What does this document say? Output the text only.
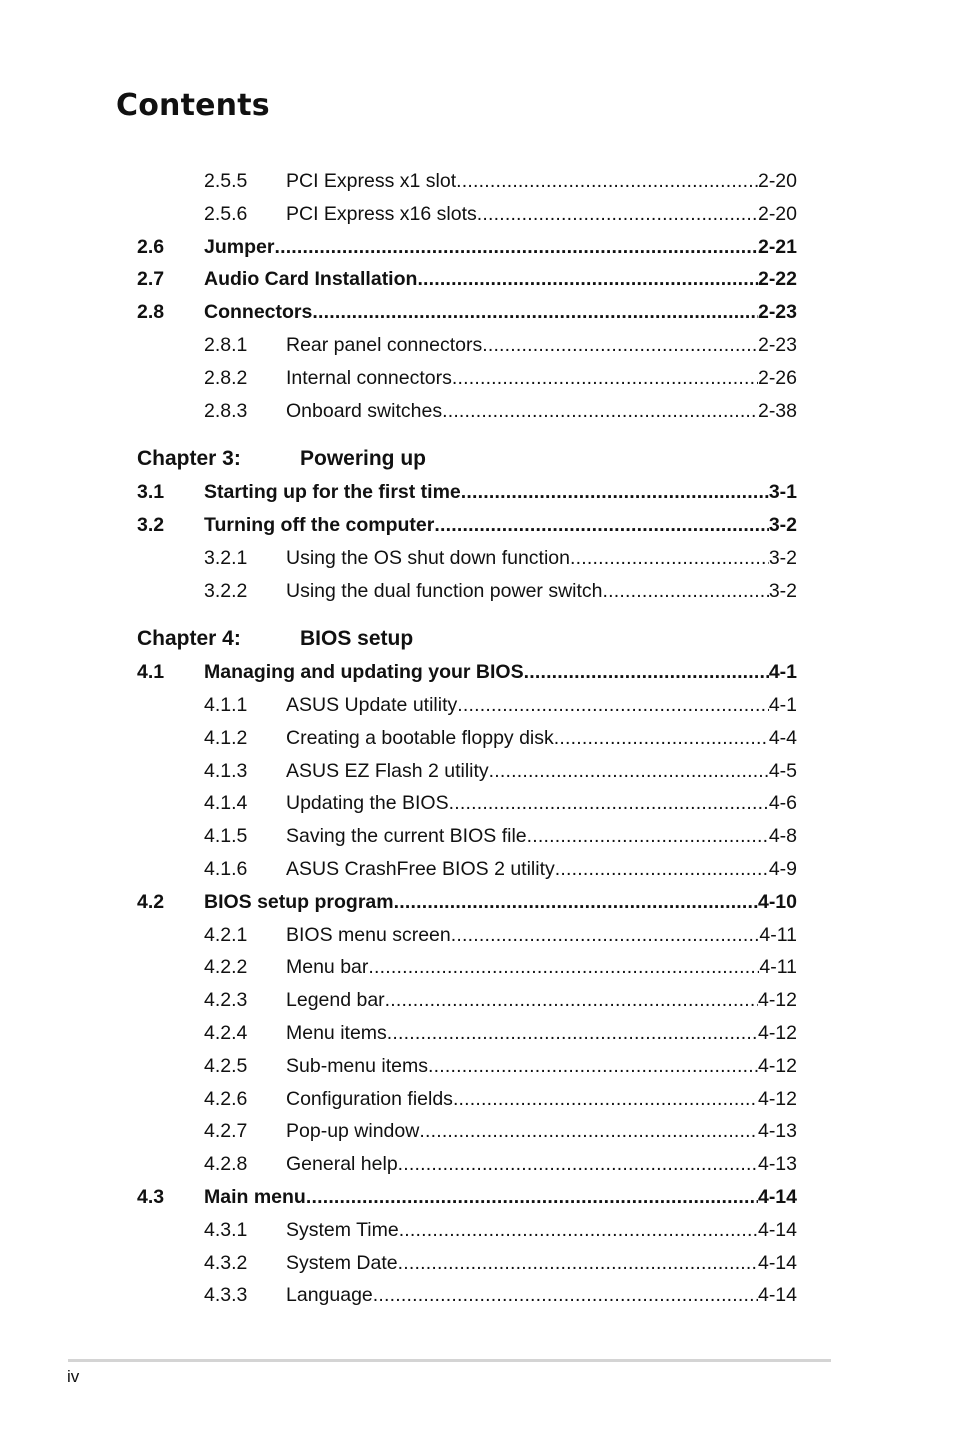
Contents
2.5.5 PCI Express x1 slot .....	2-20
2.5.6 PCI Express x16 slots .....	2-20
2.6 Jumper .....	2-21
2.7 Audio Card Installation .....	2-22
2.8 Connectors .....	2-23
2.8.1 Rear panel connectors .....	2-23
2.8.2 Internal connectors .....	2-26
2.8.3 Onboard switches .....	2-38
Chapter 3:	Powering up
3.1 Starting up for the first time .....	3-1
3.2 Turning off the computer .....	3-2
3.2.1 Using the OS shut down function .....	3-2
3.2.2 Using the dual function power switch .....	3-2
Chapter 4:	BIOS setup
4.1 Managing and updating your BIOS .....	4-1
4.1.1 ASUS Update utility .....	4-1
4.1.2 Creating a bootable floppy disk .....	4-4
4.1.3 ASUS EZ Flash 2 utility .....	4-5
4.1.4 Updating the BIOS .....	4-6
4.1.5 Saving the current BIOS file .....	4-8
4.1.6 ASUS CrashFree BIOS 2 utility .....	4-9
4.2 BIOS setup program .....	4-10
4.2.1 BIOS menu screen .....	4-11
4.2.2 Menu bar .....	4-11
4.2.3 Legend bar .....	4-12
4.2.4 Menu items .....	4-12
4.2.5 Sub-menu items .....	4-12
4.2.6 Configuration fields .....	4-12
4.2.7 Pop-up window .....	4-13
4.2.8 General help .....	4-13
4.3 Main menu .....	4-14
4.3.1 System Time .....	4-14
4.3.2 System Date .....	4-14
4.3.3 Language .....	4-14
iv
